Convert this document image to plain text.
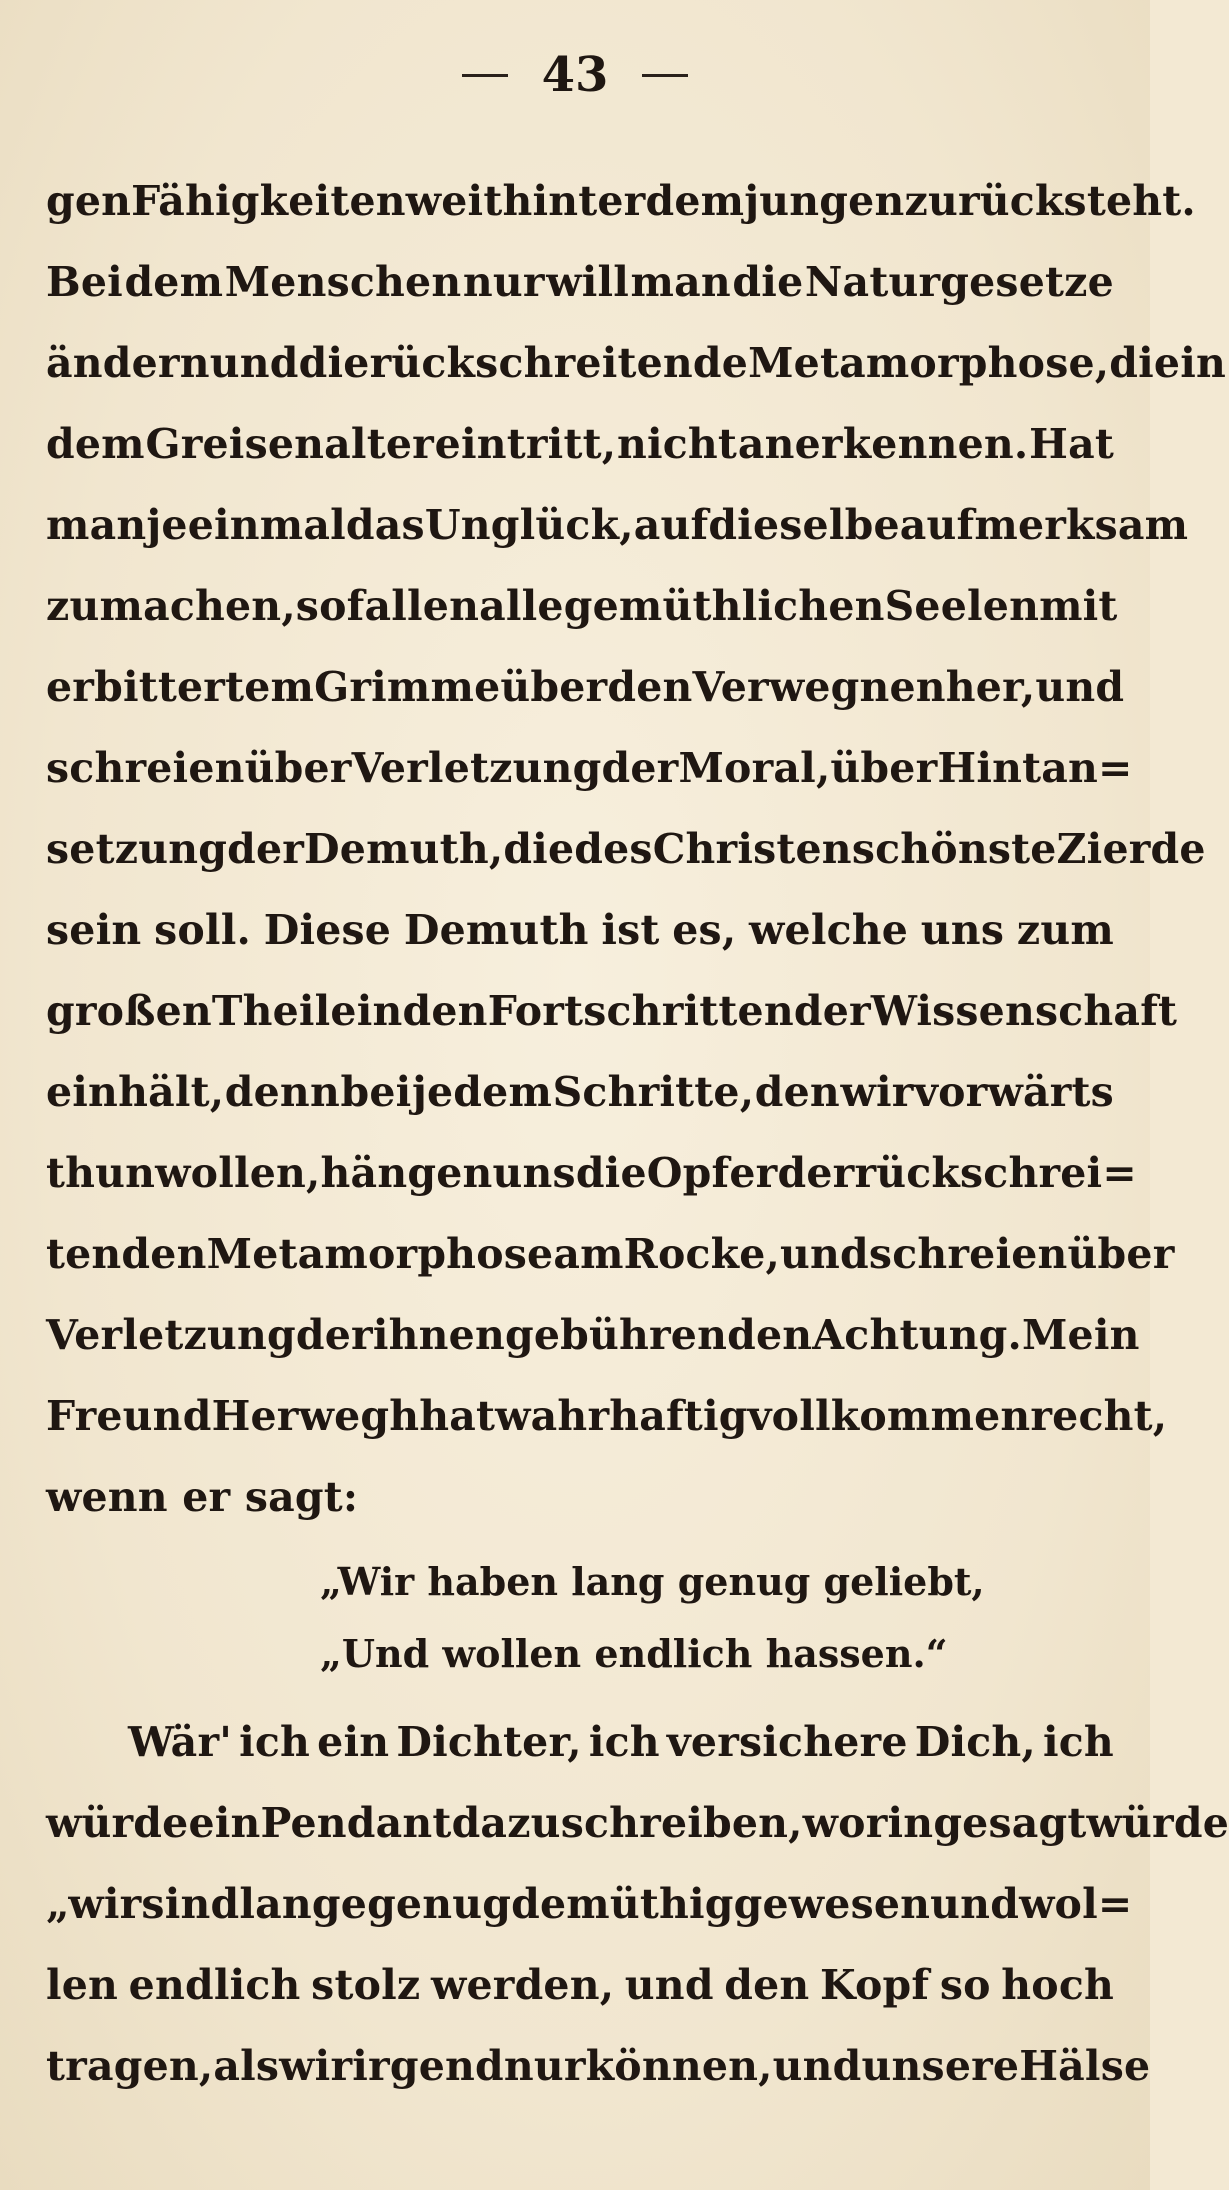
43
gen Fähigkeiten weit hinter dem jungen zurücksteht.
Bei dem Menschen nur will man die Naturgesetze
ändern und die rückschreitende Metamorphose, die in
dem Greisenalter eintritt, nicht anerkennen. Hat
man je einmal das Unglück, auf dieselbe aufmerksam
zu machen, so fallen alle gemüthlichen Seelen mit
erbittertem Grimme über den Verwegnen her, und
schreien über Verletzung der Moral, über Hintan=
setzung der Demuth, die des Christen schönste Zierde
sein soll. Diese Demuth ist es, welche uns zum
großen Theile in den Fortschritten der Wissenschaft
einhält, denn bei jedem Schritte, den wir vorwärts
thun wollen, hängen uns die Opfer der rückschrei=
tenden Metamorphose am Rocke, und schreien über
Verletzung der ihnen gebührenden Achtung. Mein
Freund Herwegh hat wahrhaftig vollkommen recht,
wenn er sagt:
„Wir haben lang genug geliebt,
„Und wollen endlich hassen.“
Wär' ich ein Dichter, ich versichere Dich, ich
würde ein Pendant dazu schreiben, worin gesagt würde
„wir sind lange genug demüthig gewesen und wol=
len endlich stolz werden, und den Kopf so hoch
tragen, als wir irgend nur können, und unsere Hälse
